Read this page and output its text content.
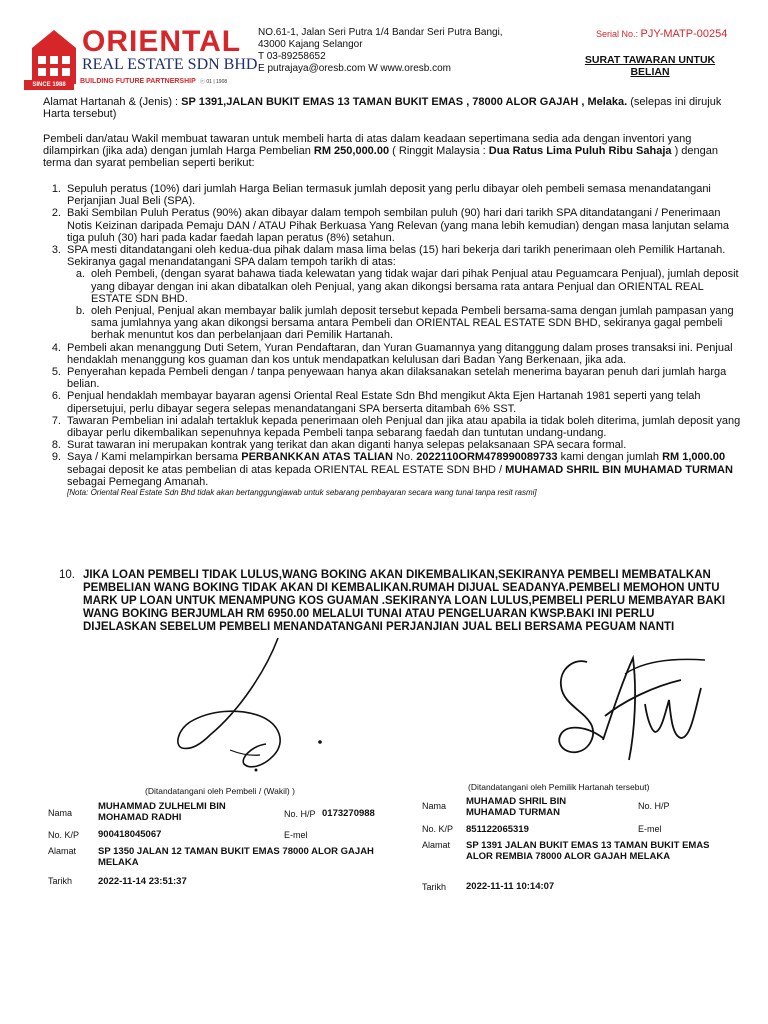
ORIENTAL
REAL ESTATE SDN BHD
BUILDING FUTURE PARTNERSHIP ⓔ 01 | 1908
SINCE 1988
NO.61-1, Jalan Seri Putra 1/4 Bandar Seri Putra Bangi,
43000 Kajang Selangor
T 03-89258652
E putrajaya@oresb.com W www.oresb.com
Serial No.: PJY-MATP-00254
SURAT TAWARAN UNTUK
BELIAN
Alamat Hartanah & (Jenis) : SP 1391,JALAN BUKIT EMAS 13 TAMAN BUKIT EMAS , 78000 ALOR GAJAH , Melaka. (selepas ini dirujuk Harta tersebut)
Pembeli dan/atau Wakil membuat tawaran untuk membeli harta di atas dalam keadaan sepertimana sedia ada dengan inventori yang dilampirkan (jika ada) dengan jumlah Harga Pembelian RM 250,000.00 ( Ringgit Malaysia : Dua Ratus Lima Puluh Ribu Sahaja ) dengan terma dan syarat pembelian seperti berikut:
1. Sepuluh peratus (10%) dari jumlah Harga Belian termasuk jumlah deposit yang perlu dibayar oleh pembeli semasa menandatangani Perjanjian Jual Beli (SPA).
2. Baki Sembilan Puluh Peratus (90%) akan dibayar dalam tempoh sembilan puluh (90) hari dari tarikh SPA ditandatangani / Penerimaan Notis Keizinan daripada Pemaju DAN / ATAU Pihak Berkuasa Yang Relevan (yang mana lebih kemudian) dengan masa lanjutan selama tiga puluh (30) hari pada kadar faedah lapan peratus (8%) setahun.
3. SPA mesti ditandatangani oleh kedua-dua pihak dalam masa lima belas (15) hari bekerja dari tarikh penerimaan oleh Pemilik Hartanah.
Sekiranya gagal menandatangani SPA dalam tempoh tarikh di atas:
a. oleh Pembeli, (dengan syarat bahawa tiada kelewatan yang tidak wajar dari pihak Penjual atau Peguamcara Penjual), jumlah deposit yang dibayar dengan ini akan dibatalkan oleh Penjual, yang akan dikongsi bersama rata antara Penjual dan ORIENTAL REAL ESTATE SDN BHD.
b. oleh Penjual, Penjual akan membayar balik jumlah deposit tersebut kepada Pembeli bersama-sama dengan jumlah pampasan yang sama jumlahnya yang akan dikongsi bersama antara Pembeli dan ORIENTAL REAL ESTATE SDN BHD, sekiranya gagal pembeli berhak menuntut kos dan perbelanjaan dari Pemilik Hartanah.
4. Pembeli akan menanggung Duti Setem, Yuran Pendaftaran, dan Yuran Guamannya yang ditanggung dalam proses transaksi ini. Penjual hendaklah menanggung kos guaman dan kos untuk mendapatkan kelulusan dari Badan Yang Berkenaan, jika ada.
5. Penyerahan kepada Pembeli dengan / tanpa penyewaan hanya akan dilaksanakan setelah menerima bayaran penuh dari jumlah harga belian.
6. Penjual hendaklah membayar bayaran agensi Oriental Real Estate Sdn Bhd mengikut Akta Ejen Hartanah 1981 seperti yang telah dipersetujui, perlu dibayar segera selepas menandatangani SPA berserta ditambah 6% SST.
7. Tawaran Pembelian ini adalah tertakluk kepada penerimaan oleh Penjual dan jika atau apabila ia tidak boleh diterima, jumlah deposit yang dibayar perlu dikembalikan sepenuhnya kepada Pembeli tanpa sebarang faedah dan tuntutan undang-undang.
8. Surat tawaran ini merupakan kontrak yang terikat dan akan diganti hanya selepas pelaksanaan SPA secara formal.
9. Saya / Kami melampirkan bersama PERBANKKAN ATAS TALIAN No. 2022110ORM478990089733 kami dengan jumlah RM 1,000.00 sebagai deposit ke atas pembelian di atas kepada ORIENTAL REAL ESTATE SDN BHD / MUHAMAD SHRIL BIN MUHAMAD TURMAN sebagai Pemegang Amanah.
[Nota: Oriental Real Estate Sdn Bhd tidak akan bertanggungjawab untuk sebarang pembayaran secara wang tunai tanpa resit rasmi]
10. JIKA LOAN PEMBELI TIDAK LULUS,WANG BOKING AKAN DIKEMBALIKAN,SEKIRANYA PEMBELI MEMBATALKAN PEMBELIAN WANG BOKING TIDAK AKAN DI KEMBALIKAN.RUMAH DIJUAL SEADANYA.PEMBELI MEMOHON UNTU MARK UP LOAN UNTUK MENAMPUNG KOS GUAMAN .SEKIRANYA LOAN LULUS,PEMBELI PERLU MEMBAYAR BAKI WANG BOKING BERJUMLAH RM 6950.00 MELALUI TUNAI ATAU PENGELUARAN KWSP.BAKI INI PERLU DIJELASKAN SEBELUM PEMBELI MENANDATANGANI PERJANJIAN JUAL BELI BERSAMA PEGUAM NANTI
(Ditandatangani oleh Pembeli / (Wakil) )
Nama
MUHAMMAD ZULHELMI BIN MOHAMAD RADHI	No. H/P 0173270988
No. K/P 900418045067	E-mel
Alamat SP 1350 JALAN 12 TAMAN BUKIT EMAS 78000 ALOR GAJAH MELAKA
Tarikh	2022-11-14 23:51:37
(Ditandatangani oleh Pemilik Hartanah tersebut)
Nama MUHAMAD SHRIL BIN MUHAMAD TURMAN
No. H/P
No. K/P 851122065319	E-mel
Alamat SP 1391 JALAN BUKIT EMAS 13 TAMAN BUKIT EMAS ALOR REMBIA 78000 ALOR GAJAH MELAKA
Tarikh 2022-11-11 10:14:07
